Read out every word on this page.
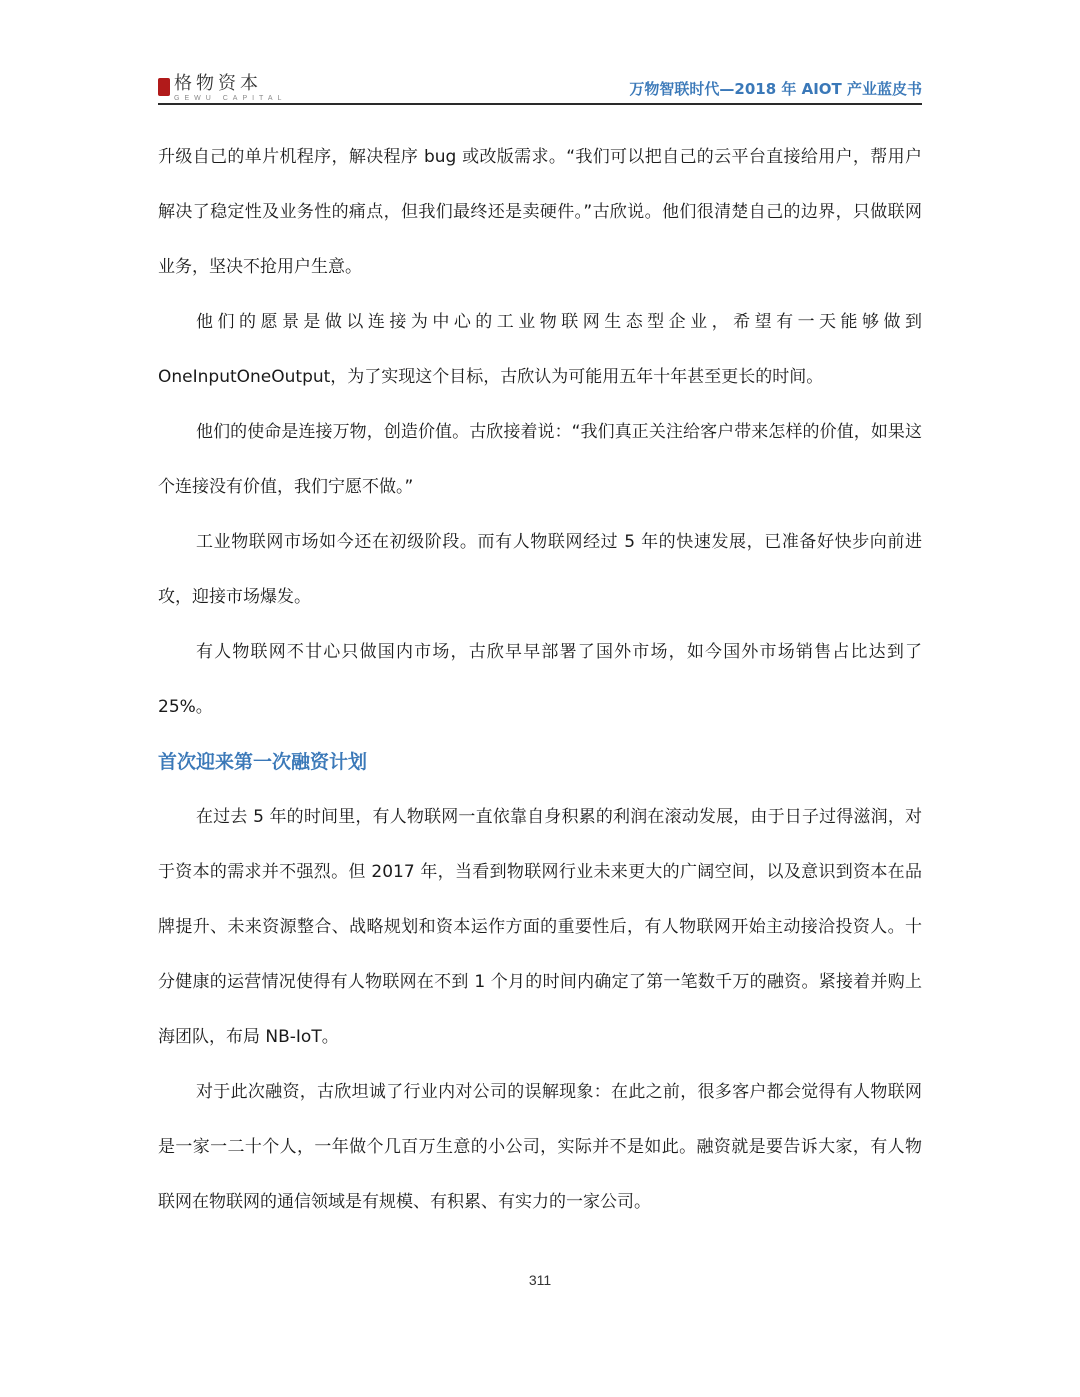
格物资本
GEWU CAPITAL
万物智联时代—2018 年 AIOT 产业蓝皮书

升级自己的单片机程序，解决程序 bug 或改版需求。“我们可以把自己的云平台直接给用户，帮用户解决了稳定性及业务性的痛点，但我们最终还是卖硬件。”古欣说。他们很清楚自己的边界，只做联网业务，坚决不抢用户生意。

他们的愿景是做以连接为中心的工业物联网生态型企业，希望有一天能够做到 OneInputOneOutput，为了实现这个目标，古欣认为可能用五年十年甚至更长的时间。

他们的使命是连接万物，创造价值。古欣接着说：“我们真正关注给客户带来怎样的价值，如果这个连接没有价值，我们宁愿不做。”

工业物联网市场如今还在初级阶段。而有人物联网经过 5 年的快速发展，已准备好快步向前进攻，迎接市场爆发。

有人物联网不甘心只做国内市场，古欣早早部署了国外市场，如今国外市场销售占比达到了 25%。

首次迎来第一次融资计划

在过去 5 年的时间里，有人物联网一直依靠自身积累的利润在滚动发展，由于日子过得滋润，对于资本的需求并不强烈。但 2017 年，当看到物联网行业未来更大的广阔空间，以及意识到资本在品牌提升、未来资源整合、战略规划和资本运作方面的重要性后，有人物联网开始主动接洽投资人。十分健康的运营情况使得有人物联网在不到 1 个月的时间内确定了第一笔数千万的融资。紧接着并购上海团队，布局 NB-IoT。

对于此次融资，古欣坦诚了行业内对公司的误解现象：在此之前，很多客户都会觉得有人物联网是一家一二十个人，一年做个几百万生意的小公司，实际并不是如此。融资就是要告诉大家，有人物联网在物联网的通信领域是有规模、有积累、有实力的一家公司。

311
